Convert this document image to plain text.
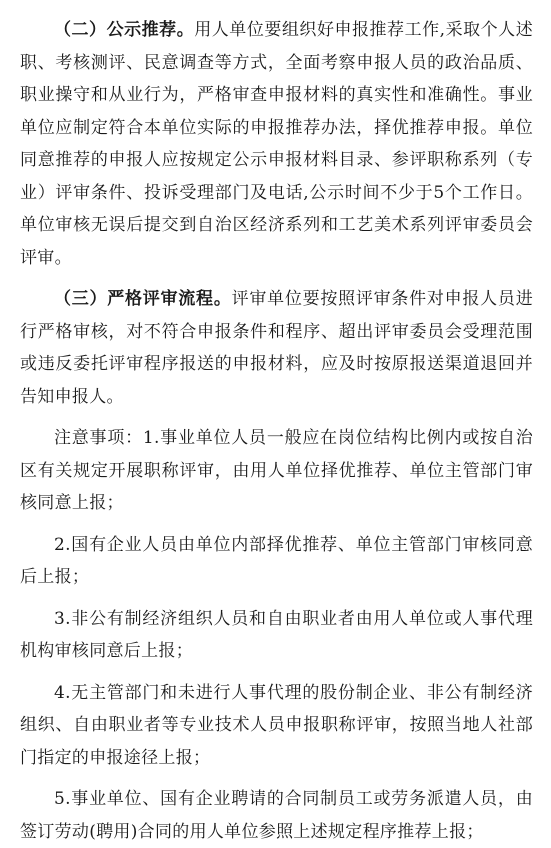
（二）公示推荐。用人单位要组织好申报推荐工作,采取个人述职、考核测评、民意调查等方式，全面考察申报人员的政治品质、职业操守和从业行为，严格审查申报材料的真实性和准确性。事业单位应制定符合本单位实际的申报推荐办法，择优推荐申报。单位同意推荐的申报人应按规定公示申报材料目录、参评职称系列（专业）评审条件、投诉受理部门及电话,公示时间不少于5个工作日。单位审核无误后提交到自治区经济系列和工艺美术系列评审委员会评审。

（三）严格评审流程。评审单位要按照评审条件对申报人员进行严格审核，对不符合申报条件和程序、超出评审委员会受理范围或违反委托评审程序报送的申报材料，应及时按原报送渠道退回并告知申报人。

注意事项：1.事业单位人员一般应在岗位结构比例内或按自治区有关规定开展职称评审，由用人单位择优推荐、单位主管部门审核同意上报；

2.国有企业人员由单位内部择优推荐、单位主管部门审核同意后上报；

3.非公有制经济组织人员和自由职业者由用人单位或人事代理机构审核同意后上报；

4.无主管部门和未进行人事代理的股份制企业、非公有制经济组织、自由职业者等专业技术人员申报职称评审，按照当地人社部门指定的申报途径上报；

5.事业单位、国有企业聘请的合同制员工或劳务派遣人员，由签订劳动(聘用)合同的用人单位参照上述规定程序推荐上报；
